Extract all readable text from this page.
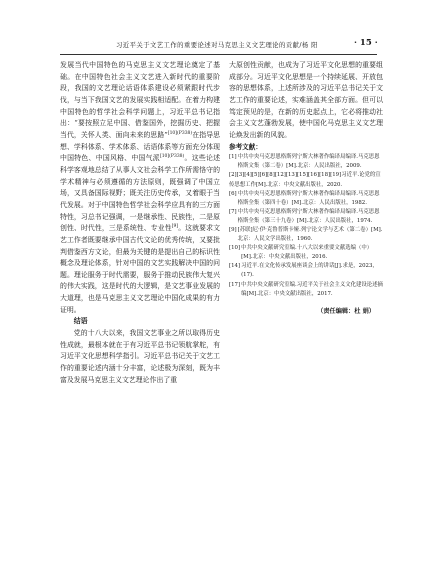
习近平关于文艺工作的重要论述对马克思主义文艺理论的贡献/杨 阳	· 15 ·

发展当代中国特色的马克思主义文艺理论奠定了基础。在中国特色社会主义文艺进入新时代的重要阶段，我国的文艺理论话语体系建设必须紧跟时代步伐，与当下我国文艺的发展实践相适配。在着力构建中国特色的哲学社会科学问题上，习近平总书记指出：“要按照立足中国、借鉴国外，挖掘历史、把握当代，关怀人类、面向未来的思路”$^{[10](P338)}$在指导思想、学科体系、学术体系、话语体系等方面充分体现中国特色、中国风格、中国气派$^{[10](P338)}$。这些论述科学客观地总结了从事人文社会科学工作所需恪守的学术精神与必须遵循的方法原则，既强调了中国立场，又具备国际视野；既关注历史传承，又着眼于当代发展。对于中国特色哲学社会科学应具有的三方面特性，习总书记强调，一是继承性、民族性，二是原创性、时代性，三是系统性、专业性[9]。这就要求文艺工作者既要继承中国古代文论的优秀传统，又要批判借鉴西方文论，但最为关键的是提出自己的标识性概念及理论体系，针对中国的文艺实践解决中国的问题。理论服务于时代需要，服务于推动民族伟大复兴的伟大实践，这是时代的大逻辑，是文艺事业发展的大道理，也是马克思主义文艺理论中国化成果的有力证明。

结语

党的十八大以来，我国文艺事业之所以取得历史性成就，最根本就在于有习近平总书记领航掌舵，有习近平文化思想科学指引。习近平总书记关于文艺工作的重要论述内涵十分丰富，论述极为深刻，既为丰富及发展马克思主义文艺理论作出了重

大原创性贡献，也成为了习近平文化思想的重要组成部分。习近平文化思想是一个持续延展、开放包容的思想体系，上述所涉及的习近平总书记关于文艺工作的重要论述，实难涵盖其全部方面。但可以笃定预见的是，在新的历史起点上，它必将推动社会主义文艺蓬勃发展，使中国化马克思主义文艺理论焕发出新的风貌。

参考文献：

[1] 中共中央马克思恩格斯列宁斯大林著作编译局编译.马克思恩格斯文集（第二卷）[M].北京：人民出版社，2009.
[2][3][4][5][6][8][12][13][15][16][18][19]习近平.论党的宣传思想工作[M].北京：中央文献出版社，2020.
[6] 中共中央马克思恩格斯列宁斯大林著作编译局编译.马克思恩格斯全集（第四十卷）[M].北京：人民出版社，1982.
[7] 中共中央马克思恩格斯列宁斯大林著作编译局编译.马克思恩格斯全集（第三十九卷）[M].北京：人民出版社，1974.
[9] [苏联]尼·伊·克鲁普斯卡娅.列宁论文学与艺术（第二卷）[M].北京：人民文学出版社，1960.
[10] 中共中央文献研究室编.十八大以来重要文献选编（中）[M].北京：中央文献出版社，2016.
[14] 习近平.在文化传承发展座谈会上的讲话[J].求是，2023，(17).
[17] 中共中央文献研究室编.习近平关于社会主义文化建设论述摘编[M].北京：中央文献出版社，2017.
（责任编辑：杜 娟）
